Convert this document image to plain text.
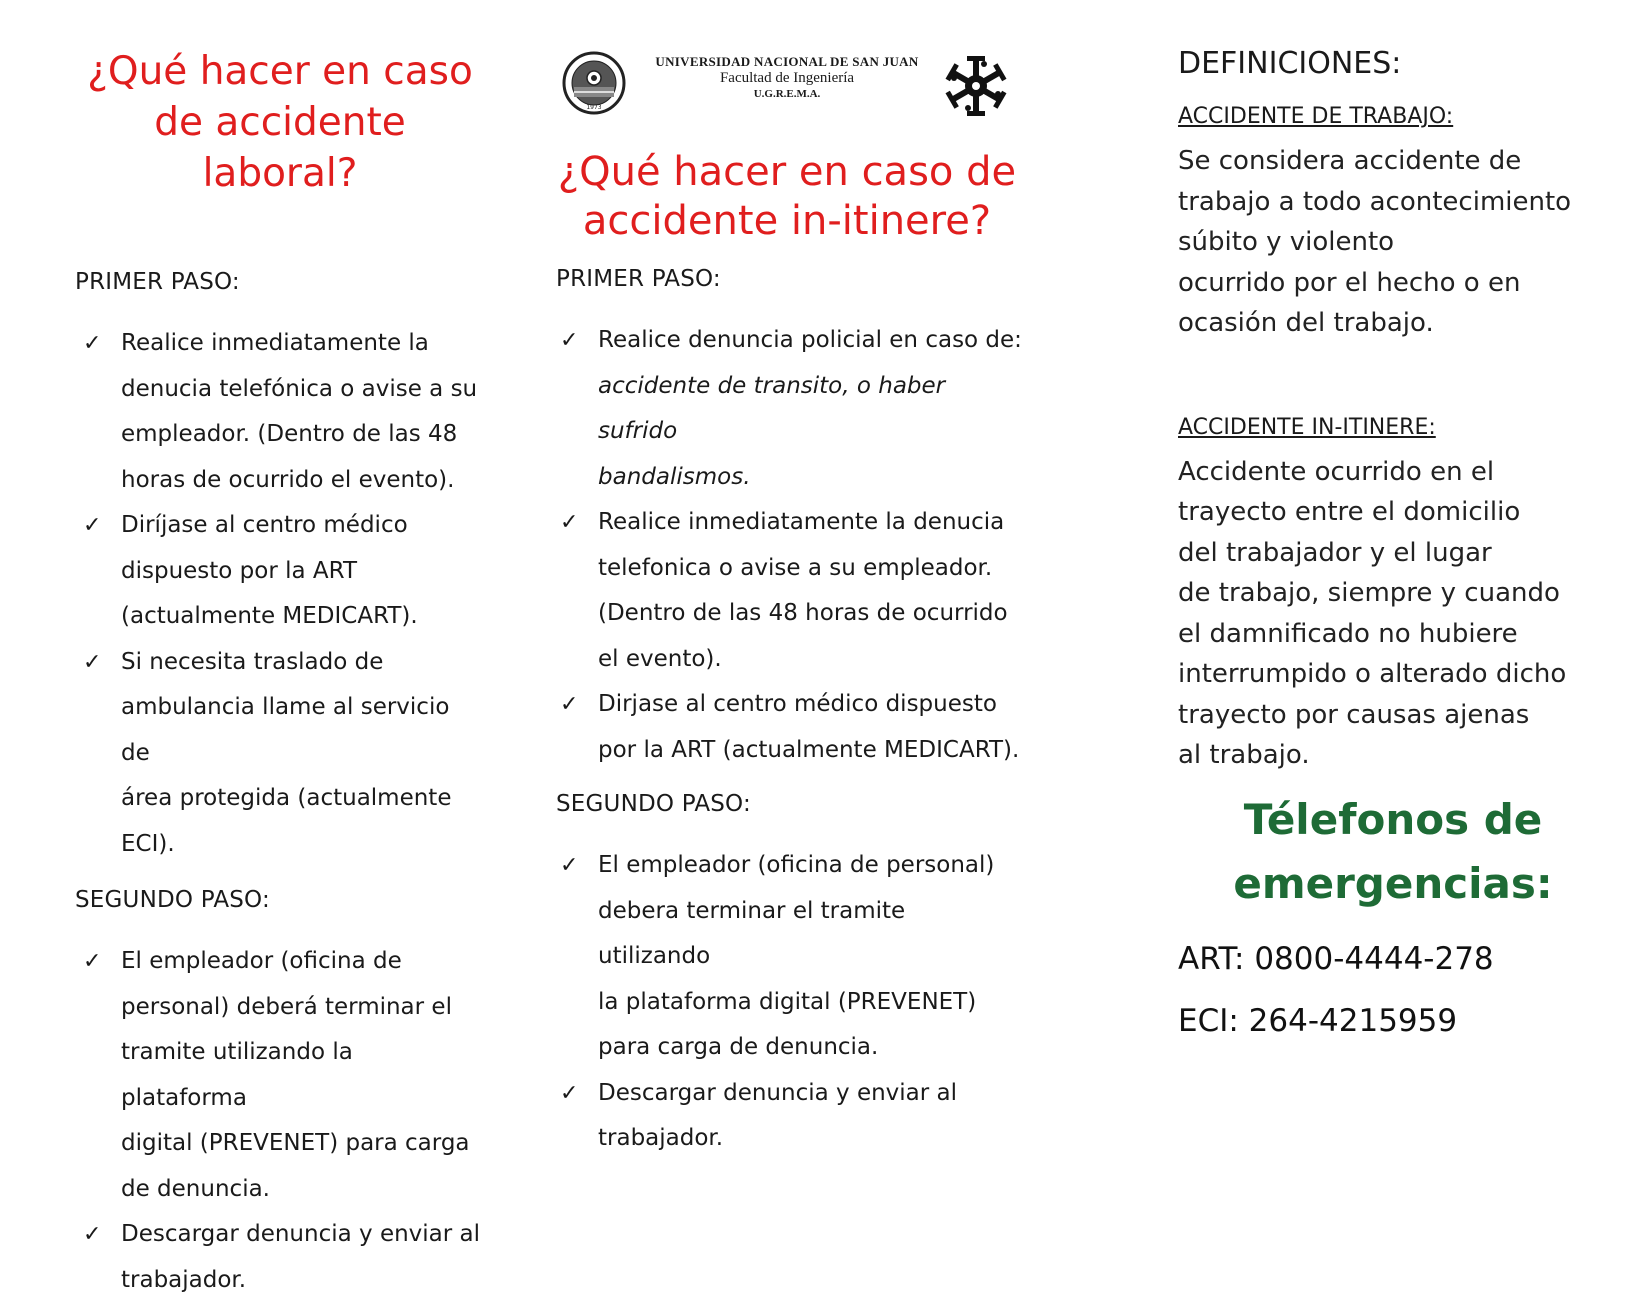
¿Qué hacer en caso
de accidente laboral?

PRIMER PASO:

✓ Realice inmediatamente la
denucia telefónica o avise a su
empleador. (Dentro de las 48
horas de ocurrido el evento).
✓ Diríjase al centro médico
dispuesto por la ART
(actualmente MEDICART).
✓ Si necesita traslado de
ambulancia llame al servicio de
área protegida (actualmente
ECI).

SEGUNDO PASO:

✓ El empleador (oficina de
personal) deberá terminar el
tramite utilizando la plataforma
digital (PREVENET) para carga
de denuncia.
✓ Descargar denuncia y enviar al
trabajador.
1973
UNIVERSIDAD NACIONAL DE SAN JUAN
Facultad de Ingeniería
U.G.R.E.M.A.
¿Qué hacer en caso de
accidente in-itinere?

PRIMER PASO:

✓ Realice denuncia policial en caso de:
accidente de transito, o haber sufrido
bandalismos.
✓ Realice inmediatamente la denucia
telefonica o avise a su empleador.
(Dentro de las 48 horas de ocurrido
el evento).
✓ Dirjase al centro médico dispuesto
por la ART (actualmente MEDICART).

SEGUNDO PASO:

✓ El empleador (oficina de personal)
debera terminar el tramite utilizando
la plataforma digital (PREVENET)
para carga de denuncia.
✓ Descargar denuncia y enviar al
trabajador.

DEFINICIONES:

ACCIDENTE DE TRABAJO:

Se considera accidente de
trabajo a todo acontecimiento
súbito y violento
ocurrido por el hecho o en
ocasión del trabajo.

ACCIDENTE IN-ITINERE:

Accidente ocurrido en el
trayecto entre el domicilio
del trabajador y el lugar
de trabajo, siempre y cuando
el damnificado no hubiere
interrumpido o alterado dicho
trayecto por causas ajenas
al trabajo.

Télefonos de
emergencias:

ART: 0800-4444-278

ECI: 264-4215959
